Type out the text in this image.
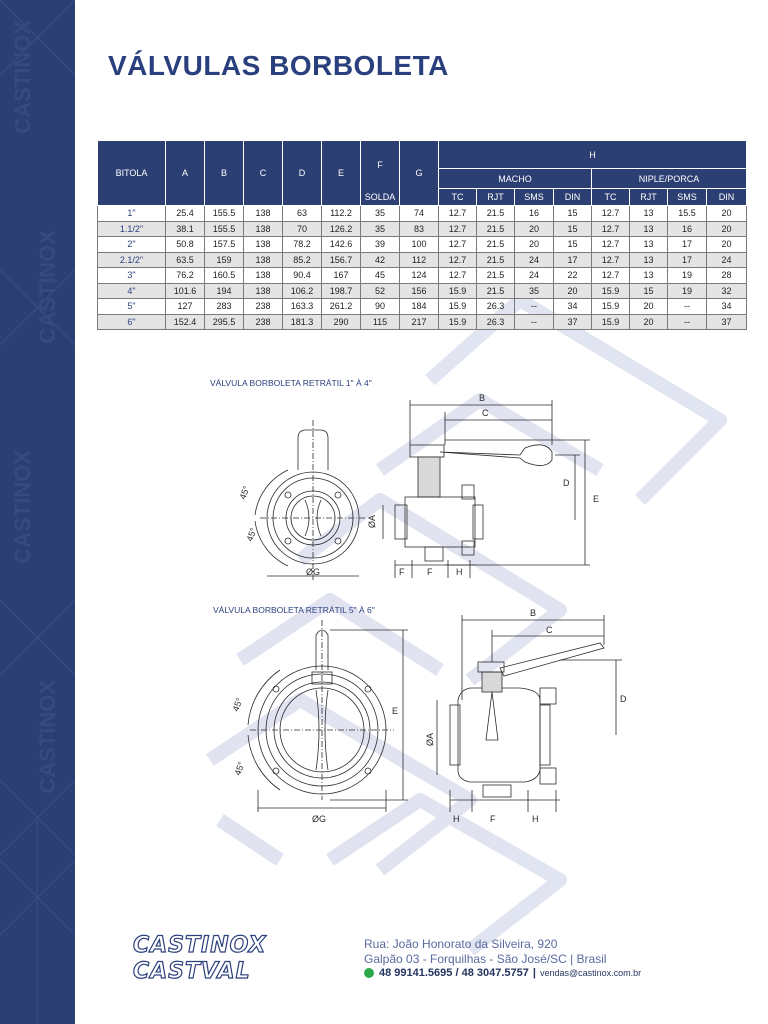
CASTINOX
CASTINOX
CASTINOX
CASTINOX
VÁLVULAS BORBOLETA
BITOLA	A	B	C	D	E	F	G	H							
								MACHO				NIPLE/PORCA			
						SOLDA		TC	RJT	SMS	DIN	TC	RJT	SMS	DIN
1"	25.4	155.5	138	63	112.2	35	74	12.7	21.5	16	15	12.7	13	15.5	20
1.1/2"	38.1	155.5	138	70	126.2	35	83	12.7	21.5	20	15	12.7	13	16	20
2"	50.8	157.5	138	78.2	142.6	39	100	12.7	21.5	20	15	12.7	13	17	20
2.1/2"	63.5	159	138	85.2	156.7	42	112	12.7	21.5	24	17	12.7	13	17	24
3"	76.2	160.5	138	90.4	167	45	124	12.7	21.5	24	22	12.7	13	19	28
4"	101.6	194	138	106.2	198.7	52	156	15.9	21.5	35	20	15.9	15	19	32
5"	127	283	238	163.3	261.2	90	184	15.9	26.3	--	34	15.9	20	--	34
6"	152.4	295.5	238	181.3	290	115	217	15.9	26.3	--	37	15.9	20	--	37
VÁLVULA BORBOLETA RETRÁTIL 1" À 4"
VÁLVULA BORBOLETA RETRÁTIL 5" À 6"
ØG
45°
45°
B
C
D
E
ØA
F	F	H
ØG
E
45°
45°
B
C
D
ØA
H	F	H
CASTINOX
CASTVAL
Rua: João Honorato da Silveira, 920
Galpão 03 - Forquilhas - São José/SC | Brasil
48 99141.5695 / 48 3047.5757 | vendas@castinox.com.br
